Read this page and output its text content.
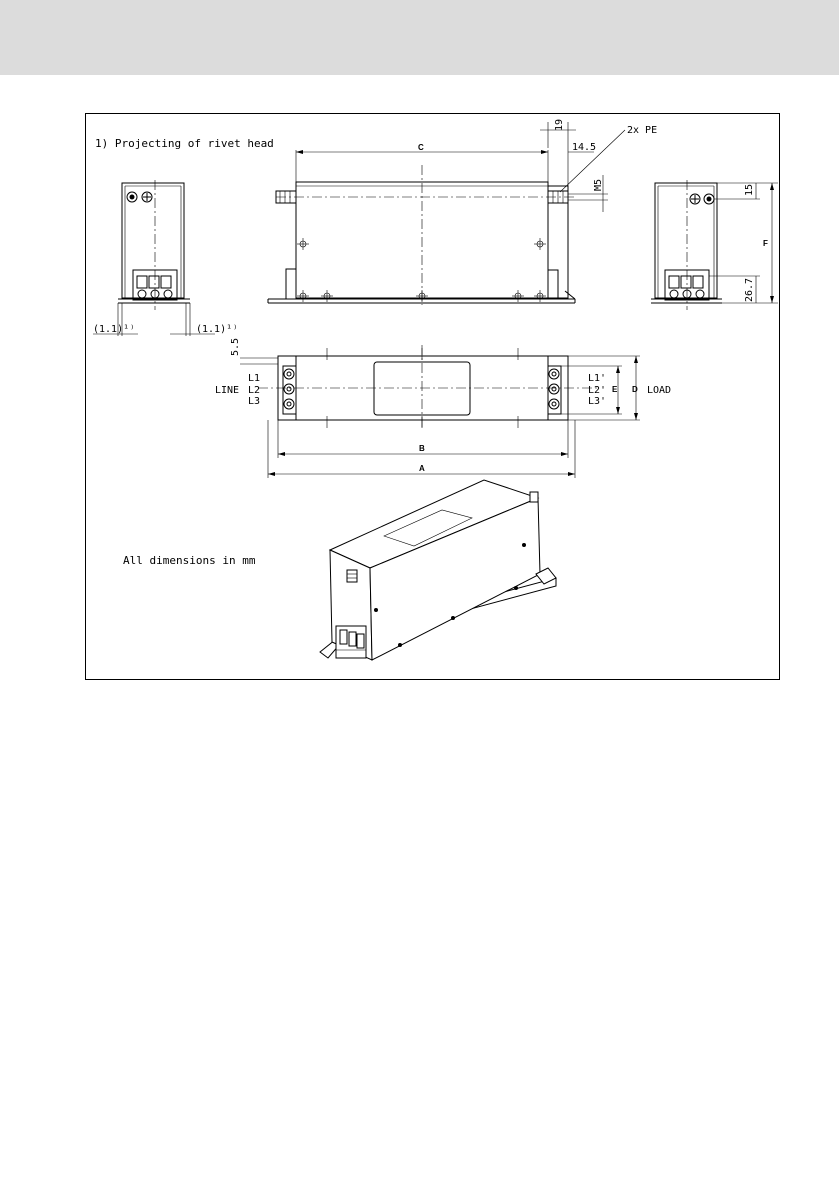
1) Projecting of rivet head
(1.1)¹⁾	(1.1)¹⁾
C
19
14.5
2x PE
M5	15
26.7
F
5.5
LINE
L1
L2
L3
L1'
L2'
L3'
E D LOAD
B
A
All dimensions in mm
